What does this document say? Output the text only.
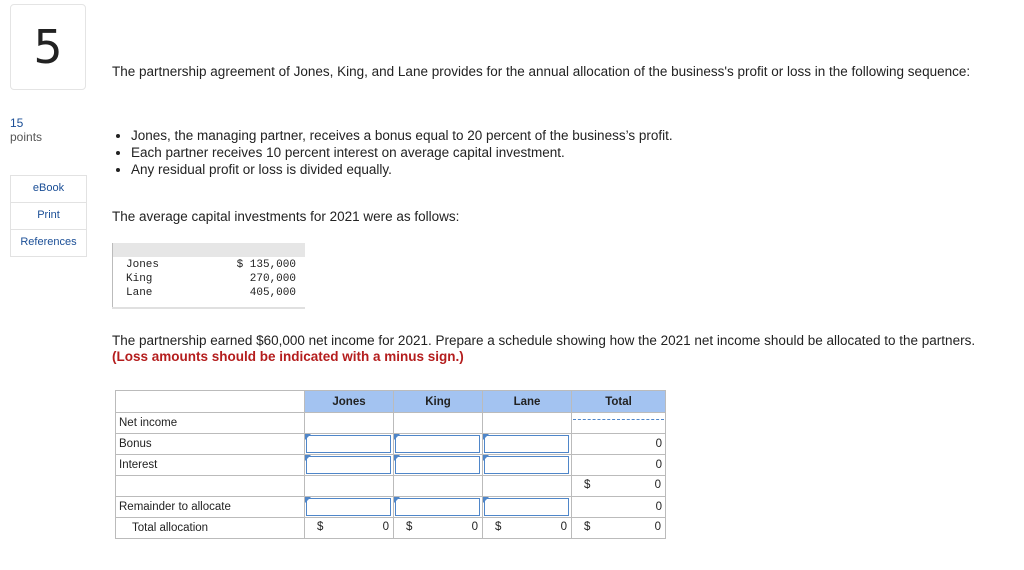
5
15
points
eBook
Print
References
The partnership agreement of Jones, King, and Lane provides for the annual allocation of the business's profit or loss in the following sequence:
• Jones, the managing partner, receives a bonus equal to 20 percent of the business’s profit.
• Each partner receives 10 percent interest on average capital investment.
• Any residual profit or loss is divided equally.
The average capital investments for 2021 were as follows:
Jones	$ 135,000
King	270,000
Lane	405,000
The partnership earned $60,000 net income for 2021. Prepare a schedule showing how the 2021 net income should be allocated to the partners. (Loss amounts should be indicated with a minus sign.)
	Jones	King	Lane	Total
Net income				

Bonus				0
Interest				0

				$ 0

Remainder to allocate				0
Total allocation	$ 0	$ 0	$ 0	$ 0
